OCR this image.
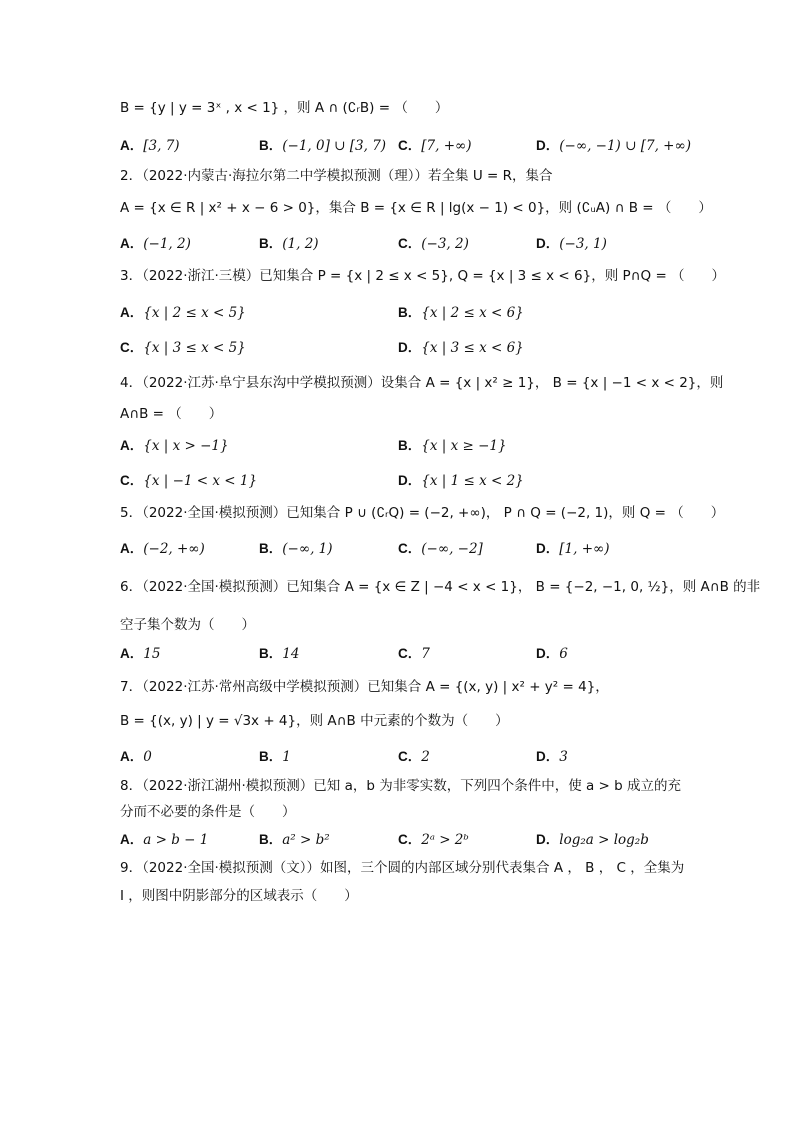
B = {y | y = 3ˣ , x < 1} ，则 A ∩ (∁ᵣB) = （　　）
2．（2022·内蒙古·海拉尔第二中学模拟预测（理））若全集 U = R，集合
A = {x ∈ R | x² + x − 6 > 0}，集合 B = {x ∈ R | lg(x − 1) < 0}，则 (∁ᵤA) ∩ B = （　　）
3．（2022·浙江·三模）已知集合 P = {x | 2 ≤ x < 5}, Q = {x | 3 ≤ x < 6}，则 P∩Q = （　　）
4．（2022·江苏·阜宁县东沟中学模拟预测）设集合 A = {x | x² ≥ 1}， B = {x | −1 < x < 2}，则
A∩B = （　　）
5．（2022·全国·模拟预测）已知集合 P ∪ (∁ᵣQ) = (−2, +∞)， P ∩ Q = (−2, 1)，则 Q = （　　）
6．（2022·全国·模拟预测）已知集合 A = {x ∈ Z | −4 < x < 1}， B = {−2, −1, 0, ½}，则 A∩B 的非
空子集个数为（　　）
7．（2022·江苏·常州高级中学模拟预测）已知集合 A = {(x, y) | x² + y² = 4}，
B = {(x, y) | y = √3x + 4}，则 A∩B 中元素的个数为（　　）
8．（2022·浙江湖州·模拟预测）已知 a，b 为非零实数，下列四个条件中，使 a > b 成立的充
分而不必要的条件是（　　）
9．（2022·全国·模拟预测（文））如图，三个圆的内部区域分别代表集合 A ， B ， C ，全集为
I ，则图中阴影部分的区域表示（　　）
A．[3, 7)	B．(−1, 0] ∪ [3, 7) C．[7, +∞)	D．(−∞, −1) ∪ [7, +∞)
A．(−1, 2)	B．(1, 2)	C．(−3, 2)	D．(−3, 1)
A．{x | 2 ≤ x < 5}	B．{x | 2 ≤ x < 6}
C．{x | 3 ≤ x < 5}	D．{x | 3 ≤ x < 6}
A．{x | x > −1}	B．{x | x ≥ −1}
C．{x | −1 < x < 1}	D．{x | 1 ≤ x < 2}
A．(−2, +∞)	B．(−∞, 1)	C．(−∞, −2]	D．[1, +∞)
A．15	B．14	C．7	D．6
A．0	B．1	C．2	D．3
A．a > b − 1	B．a² > b²	C．2ᵃ > 2ᵇ	D．log₂a > log₂b
